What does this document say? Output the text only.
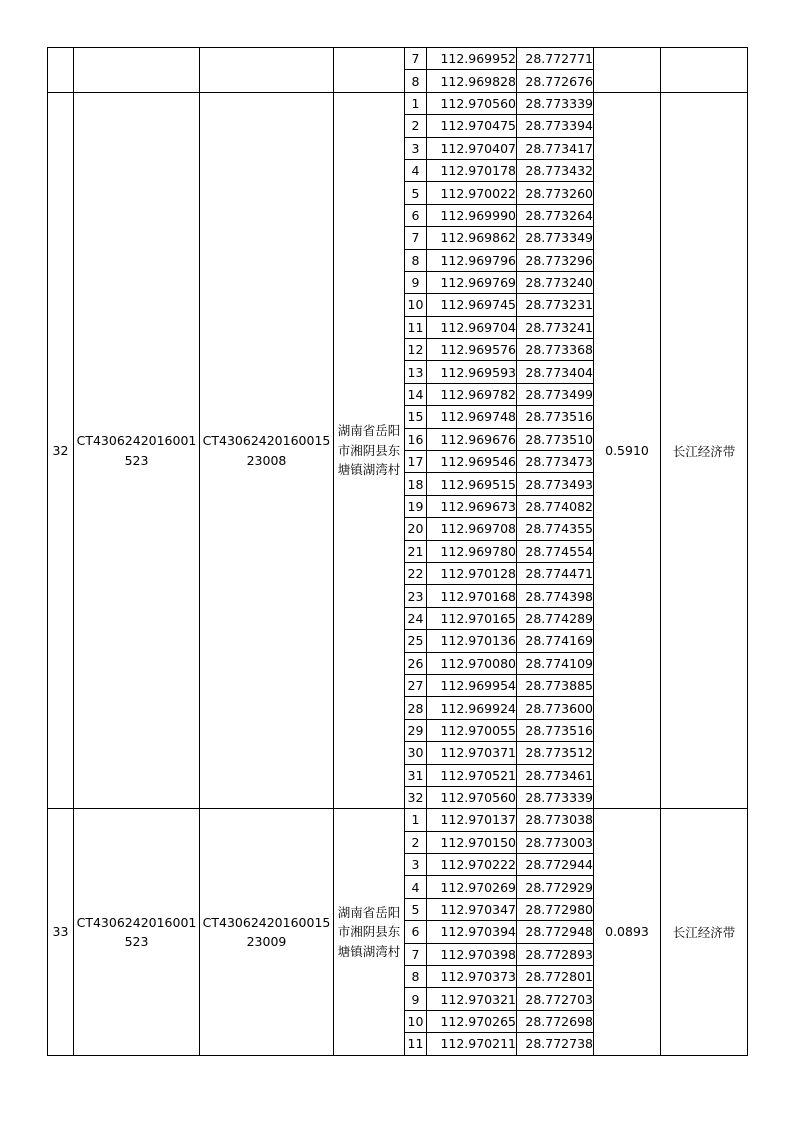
				7	112.969952	28.772771		
				8	112.969828	28.772676		
32	CT4306242016001523	CT4306242016001523008	湖南省岳阳市湘阴县东塘镇湖湾村	1	112.970560	28.773339	0.5910	长江经济带
				2	112.970475	28.773394		
				3	112.970407	28.773417		
				4	112.970178	28.773432		
				5	112.970022	28.773260		
				6	112.969990	28.773264		
				7	112.969862	28.773349		
				8	112.969796	28.773296		
				9	112.969769	28.773240		
				10	112.969745	28.773231		
				11	112.969704	28.773241		
				12	112.969576	28.773368		
				13	112.969593	28.773404		
				14	112.969782	28.773499		
				15	112.969748	28.773516		
				16	112.969676	28.773510		
				17	112.969546	28.773473		
				18	112.969515	28.773493		
				19	112.969673	28.774082		
				20	112.969708	28.774355		
				21	112.969780	28.774554		
				22	112.970128	28.774471		
				23	112.970168	28.774398		
				24	112.970165	28.774289		
				25	112.970136	28.774169		
				26	112.970080	28.774109		
				27	112.969954	28.773885		
				28	112.969924	28.773600		
				29	112.970055	28.773516		
				30	112.970371	28.773512		
				31	112.970521	28.773461		
				32	112.970560	28.773339		
33	CT4306242016001523	CT4306242016001523009	湖南省岳阳市湘阴县东塘镇湖湾村	1	112.970137	28.773038	0.0893	长江经济带
				2	112.970150	28.773003		
				3	112.970222	28.772944		
				4	112.970269	28.772929		
				5	112.970347	28.772980		
				6	112.970394	28.772948		
				7	112.970398	28.772893		
				8	112.970373	28.772801		
				9	112.970321	28.772703		
				10	112.970265	28.772698		
				11	112.970211	28.772738		
